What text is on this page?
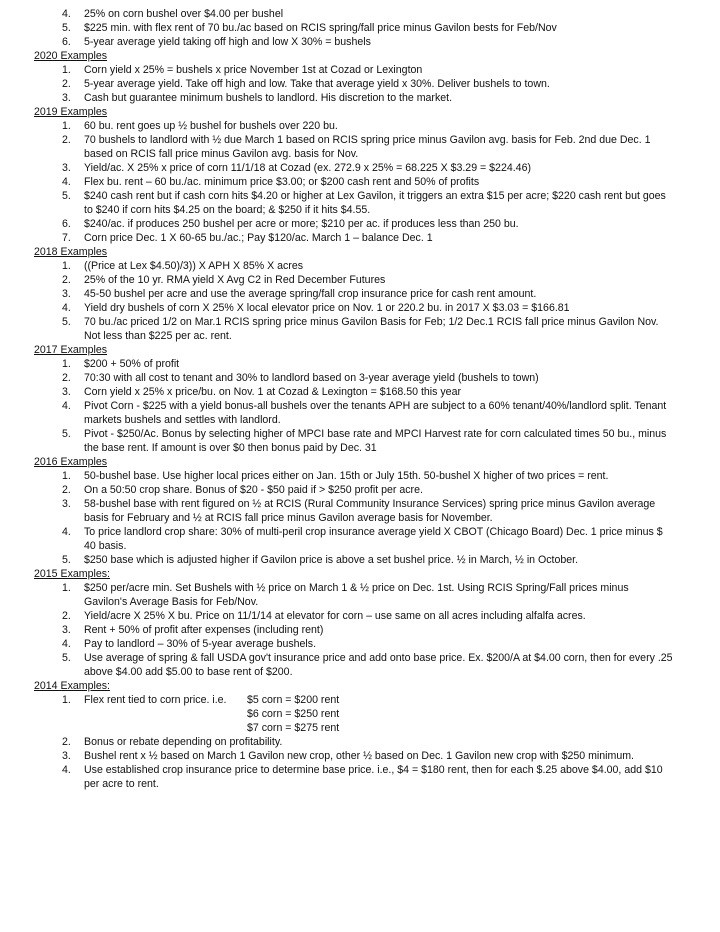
4.	25% on corn bushel over $4.00 per bushel
5.	$225 min. with flex rent of 70 bu./ac based on RCIS spring/fall price minus Gavilon bests for Feb/Nov
6.	5-year average yield taking off high and low X 30% = bushels
2020 Examples
1.	Corn yield x 25% = bushels x price November 1st at Cozad or Lexington
2.	5-year average yield. Take off high and low. Take that average yield x 30%. Deliver bushels to town.
3.	Cash but guarantee minimum bushels to landlord. His discretion to the market.
2019 Examples
1.	60 bu. rent goes up ½ bushel for bushels over 220 bu.
2.	70 bushels to landlord with ½ due March 1 based on RCIS spring price minus Gavilon avg. basis for Feb. 2nd due Dec. 1 based on RCIS fall price minus Gavilon avg. basis for Nov.
3.	Yield/ac. X 25% x price of corn 11/1/18 at Cozad (ex. 272.9 x 25% = 68.225 X $3.29 = $224.46)
4.	Flex bu. rent – 60 bu./ac. minimum price $3.00; or $200 cash rent and 50% of profits
5.	$240 cash rent but if cash corn hits $4.20 or higher at Lex Gavilon, it triggers an extra $15 per acre; $220 cash rent but goes to $240 if corn hits $4.25 on the board; & $250 if it hits $4.55.
6.	$240/ac. if produces 250 bushel per acre or more; $210 per ac. if produces less than 250 bu.
7.	Corn price Dec. 1 X 60-65 bu./ac.; Pay $120/ac. March 1 – balance Dec. 1
2018 Examples
1.	((Price at Lex $4.50)/3)) X APH X 85% X acres
2.	25% of the 10 yr. RMA yield X Avg C2 in Red December Futures
3.	45-50 bushel per acre and use the average spring/fall crop insurance price for cash rent amount.
4.	Yield dry bushels of corn X 25% X local elevator price on Nov. 1 or 220.2 bu. in 2017 X $3.03 = $166.81
5.	70 bu./ac priced 1/2 on Mar.1 RCIS spring price minus Gavilon Basis for Feb; 1/2 Dec.1 RCIS fall price minus Gavilon Nov. Not less than $225 per ac. rent.
2017 Examples
1.	$200 + 50% of profit
2.	70:30 with all cost to tenant and 30% to landlord based on 3-year average yield (bushels to town)
3.	Corn yield x 25% x price/bu. on Nov. 1 at Cozad & Lexington = $168.50 this year
4.	Pivot Corn - $225 with a yield bonus-all bushels over the tenants APH are subject to a 60% tenant/40%/landlord split. Tenant markets bushels and settles with landlord.
5.	Pivot - $250/Ac. Bonus by selecting higher of MPCI base rate and MPCI Harvest rate for corn calculated times 50 bu., minus the base rent. If amount is over $0 then bonus paid by Dec. 31
2016 Examples
1.	50-bushel base. Use higher local prices either on Jan. 15th or July 15th. 50-bushel X higher of two prices = rent.
2.	On a 50:50 crop share. Bonus of $20 - $50 paid if > $250 profit per acre.
3.	58-bushel base with rent figured on ½ at RCIS (Rural Community Insurance Services) spring price minus Gavilon average basis for February and ½ at RCIS fall price minus Gavilon average basis for November.
4.	To price landlord crop share: 30% of multi-peril crop insurance average yield X CBOT (Chicago Board) Dec. 1 price minus $ 40 basis.
5.	$250 base which is adjusted higher if Gavilon price is above a set bushel price. ½ in March, ½ in October.
2015 Examples:
1.	$250 per/acre min. Set Bushels with ½ price on March 1 & ½ price on Dec. 1st. Using RCIS Spring/Fall prices minus Gavilon's Average Basis for Feb/Nov.
2.	Yield/acre X 25% X bu. Price on 11/1/14 at elevator for corn – use same on all acres including alfalfa acres.
3.	Rent + 50% of profit after expenses (including rent)
4.	Pay to landlord – 30% of 5-year average bushels.
5.	Use average of spring & fall USDA gov't insurance price and add onto base price. Ex. $200/A at $4.00 corn, then for every .25 above $4.00 add $5.00 to base rent of $200.
2014 Examples:
1.	Flex rent tied to corn price. i.e. $5 corn = $200 rent
$6 corn = $250 rent
$7 corn = $275 rent
2.	Bonus or rebate depending on profitability.
3.	Bushel rent x ½ based on March 1 Gavilon new crop, other ½ based on Dec. 1 Gavilon new crop with $250 minimum.
4.	Use established crop insurance price to determine base price. i.e., $4 = $180 rent, then for each $.25 above $4.00, add $10 per acre to rent.
